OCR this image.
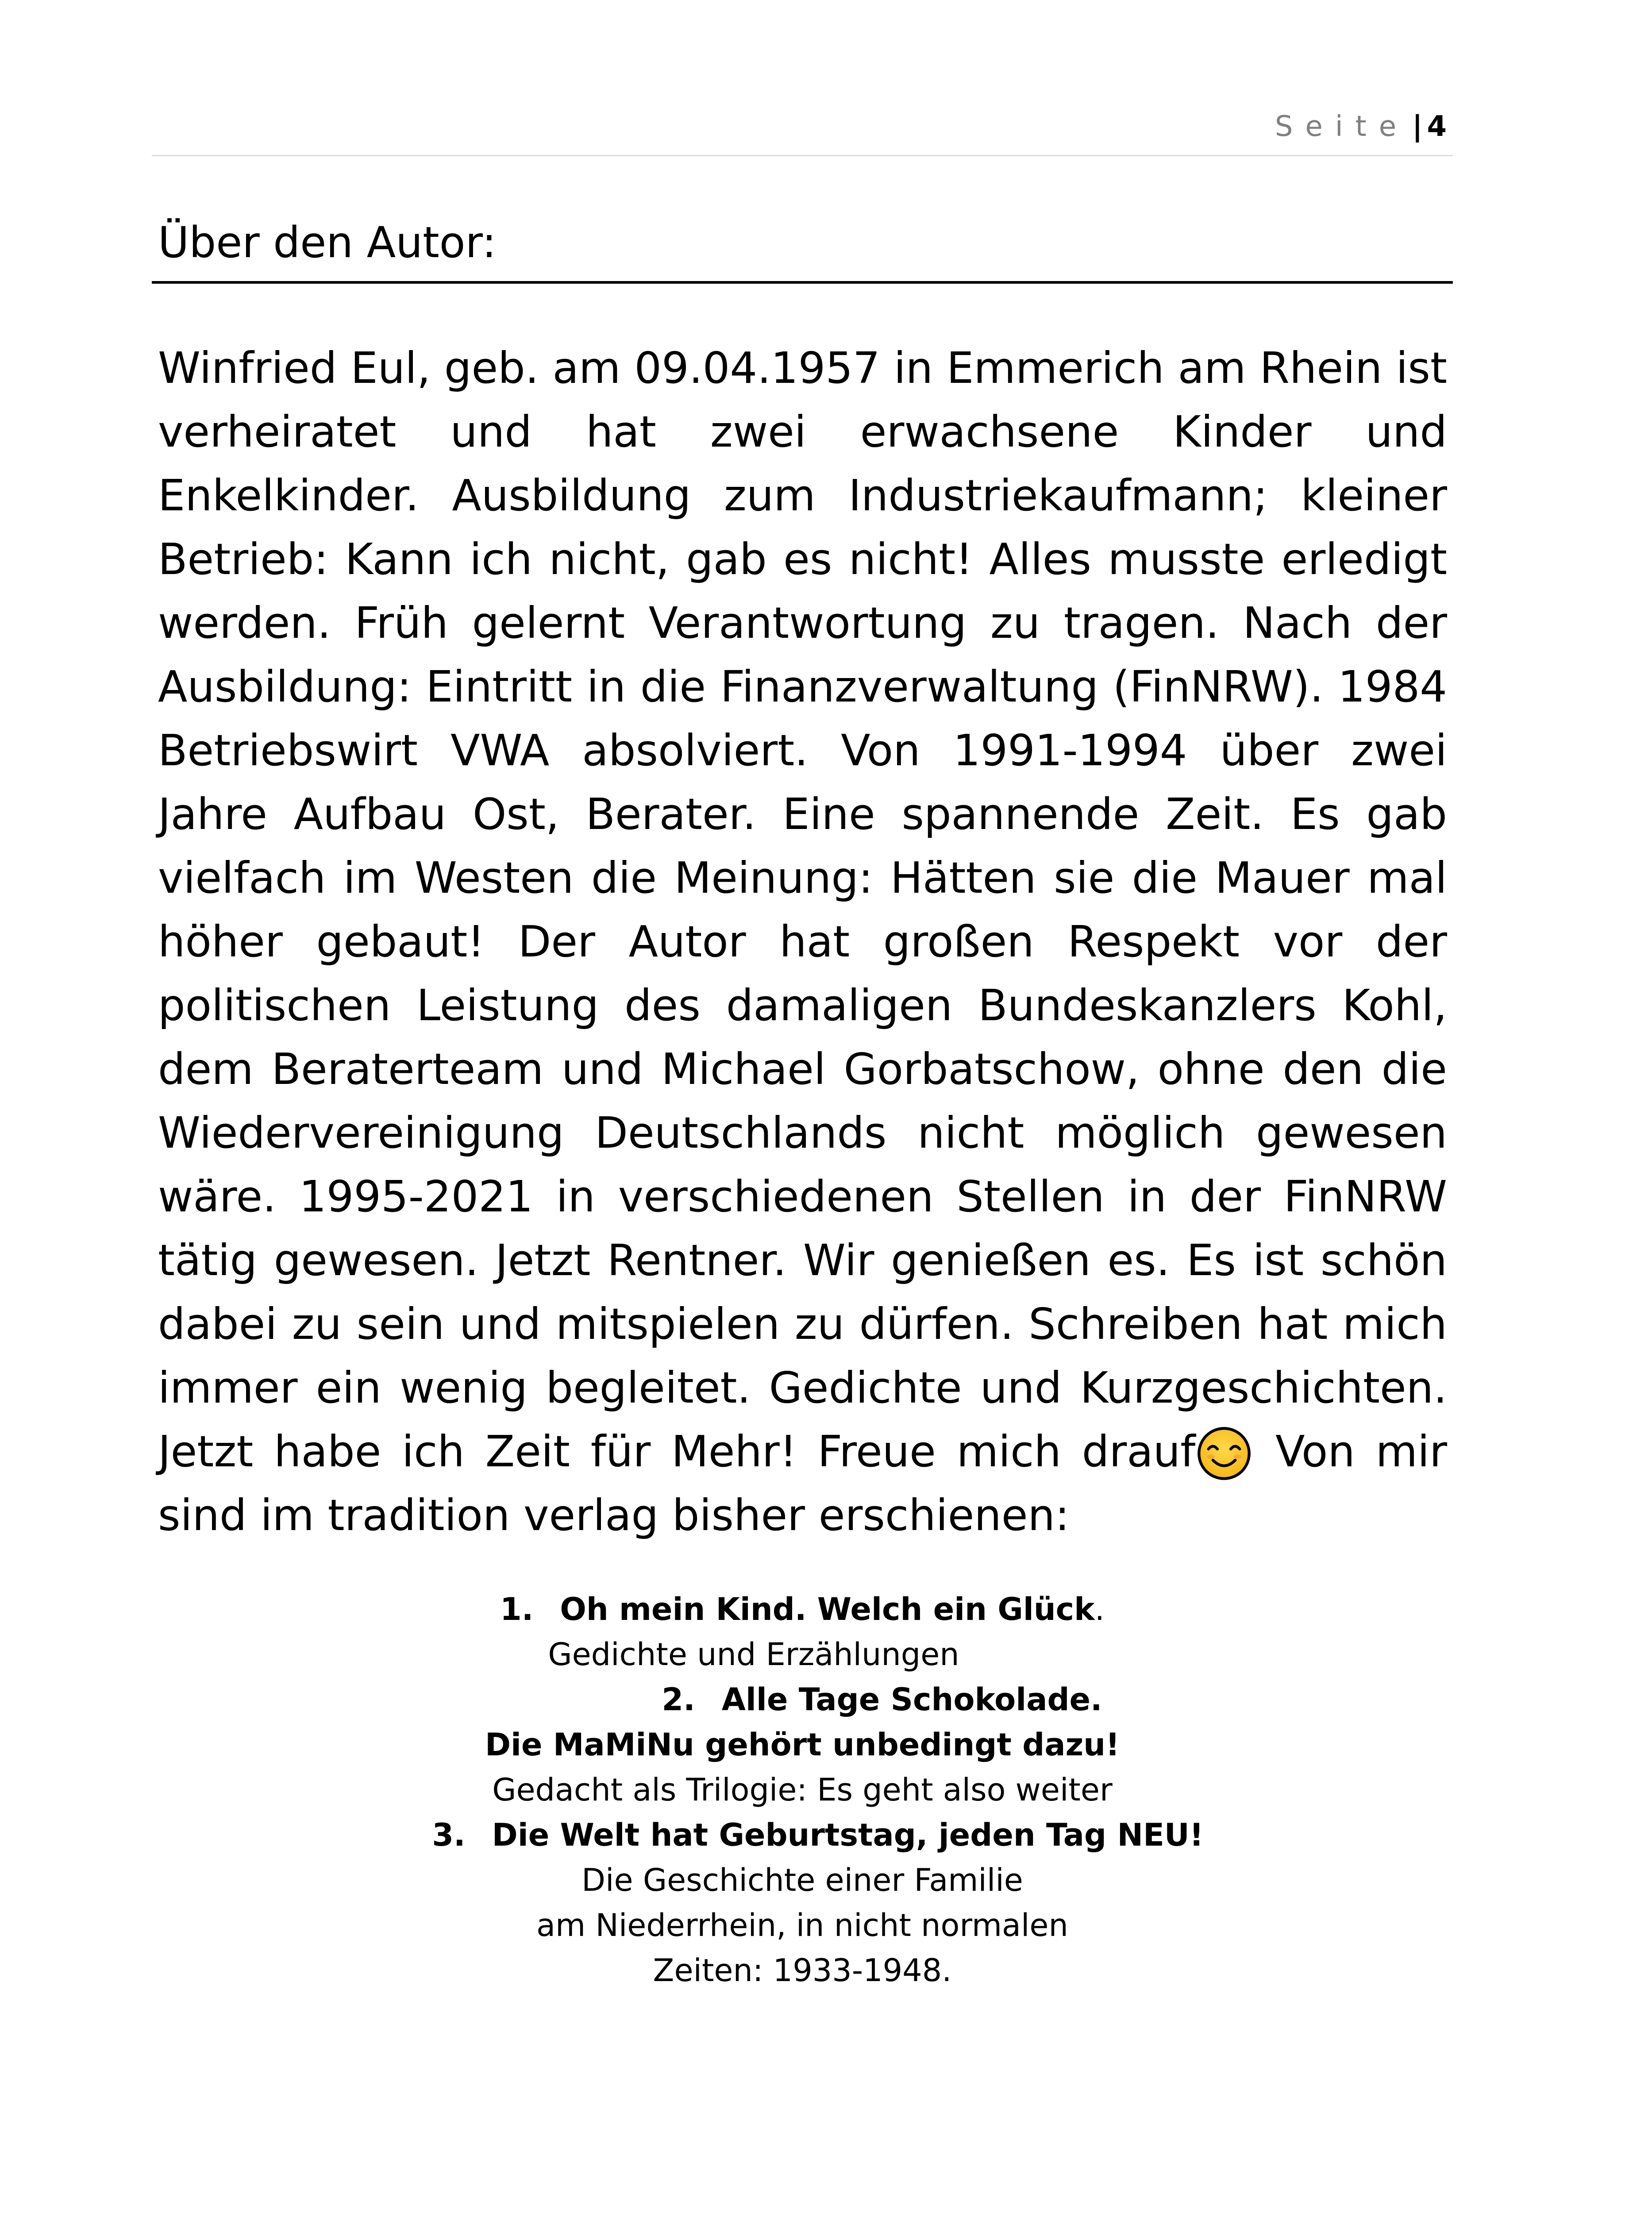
Seite | 4
Über den Autor:

Winfried Eul, geb. am 09.04.1957 in Emmerich am Rhein ist verheiratet und hat zwei erwachsene Kinder und Enkelkinder. Ausbildung zum Industriekaufmann; kleiner Betrieb: Kann ich nicht, gab es nicht! Alles musste erledigt werden. Früh gelernt Verantwortung zu tragen. Nach der Ausbildung: Eintritt in die Finanzverwaltung (FinNRW). 1984 Betriebswirt VWA absolviert. Von 1991-1994 über zwei Jahre Aufbau Ost, Berater. Eine spannende Zeit. Es gab vielfach im Westen die Meinung: Hätten sie die Mauer mal höher gebaut! Der Autor hat großen Respekt vor der politischen Leistung des damaligen Bundeskanzlers Kohl, dem Beraterteam und Michael Gorbatschow, ohne den die Wiedervereinigung Deutschlands nicht möglich gewesen wäre. 1995-2021 in verschiedenen Stellen in der FinNRW tätig gewesen. Jetzt Rentner. Wir genießen es. Es ist schön dabei zu sein und mitspielen zu dürfen. Schreiben hat mich immer ein wenig begleitet. Gedichte und Kurzgeschichten. Jetzt habe ich Zeit für Mehr! Freue mich drauf Von mir sind im tradition verlag bisher erschienen:

1. Oh mein Kind. Welch ein Glück.
Gedichte und Erzählungen
2. Alle Tage Schokolade.
Die MaMiNu gehört unbedingt dazu!
Gedacht als Trilogie: Es geht also weiter
3. Die Welt hat Geburtstag, jeden Tag NEU!
Die Geschichte einer Familie
am Niederrhein, in nicht normalen
Zeiten: 1933-1948.
